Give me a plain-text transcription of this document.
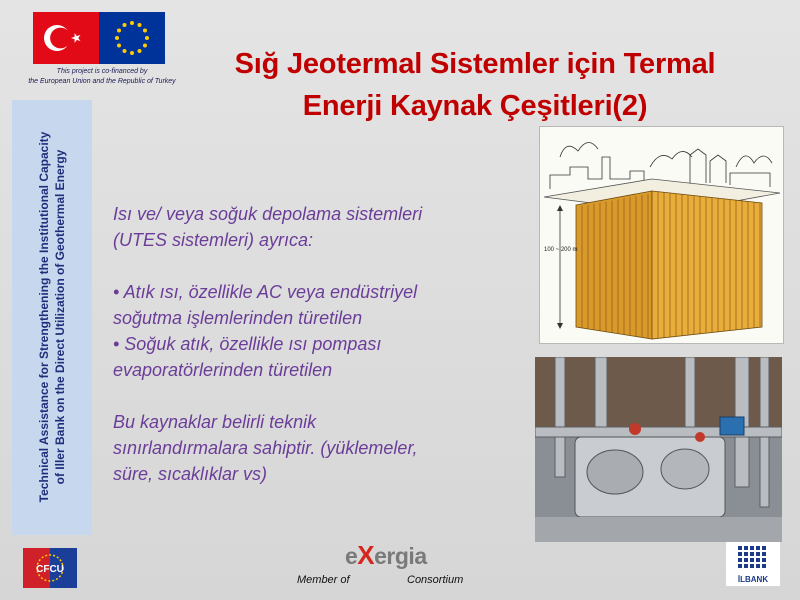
This project is co-financed by
the European Union and the Republic of Turkey
Sığ Jeotermal Sistemler için Termal
Enerji Kaynak Çeşitleri(2)
Technical Assistance for Strengthening the Institutional Capacity of Iller Bank on the Direct Utilization of Geothermal Energy	Isı ve/ veya soğuk depolama sistemleri

(UTES sistemleri) ayrıca:

• Atık ısı, özellikle AC veya endüstriyel

soğutma işlemlerinden türetilen

• Soğuk atık, özellikle ısı pompası

evaporatörlerinden türetilen

Bu kaynaklar belirli teknik

sınırlandırmalara sahiptir. (yüklemeler,

süre, sıcaklıklar vs)

100 ~ 200 m
CFCU
eXergia
Member of	Consortium	İLBANK
